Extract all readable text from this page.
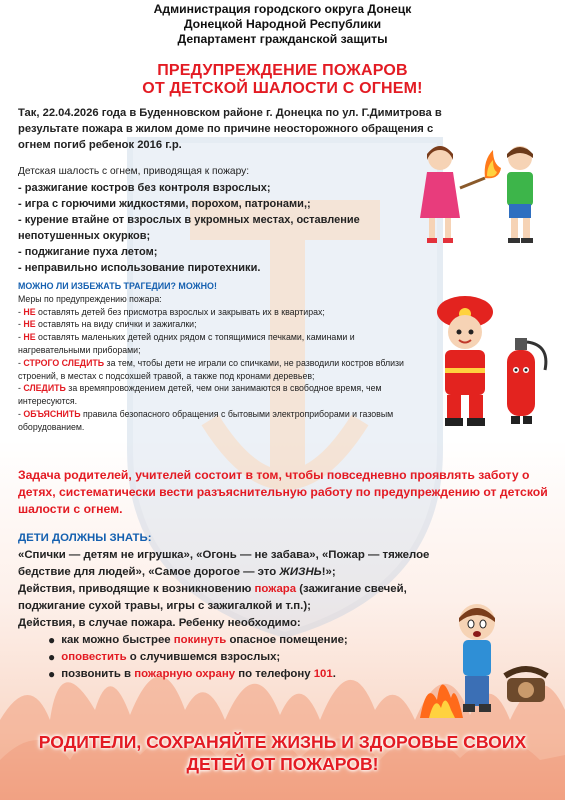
Администрация городского округа Донецк
Донецкой Народной Республики
Департамент гражданской защиты
ПРЕДУПРЕЖДЕНИЕ ПОЖАРОВ
ОТ ДЕТСКОЙ ШАЛОСТИ С ОГНЕМ!
Так, 22.04.2026 года в Буденновском районе г. Донецка по ул. Г.Димитрова в результате пожара в жилом доме по причине неосторожного обращения с огнем погиб ребенок 2016 г.р.
Детская шалость с огнем, приводящая к пожару:
- разжигание костров без контроля взрослых;
- игра с горючими жидкостями, порохом, патронами,;
- курение втайне от взрослых в укромных местах, оставление непотушенных окурков;
- поджигание пуха летом;
- неправильно использование пиротехники.
МОЖНО ЛИ ИЗБЕЖАТЬ ТРАГЕДИИ? МОЖНО!
Меры по предупреждению пожара:
- НЕ оставлять детей без присмотра взрослых и закрывать их в квартирах;
- НЕ оставлять на виду спички и зажигалки;
- НЕ оставлять маленьких детей одних рядом с топящимися печками, каминами и нагревательными приборами;
- СТРОГО СЛЕДИТЬ за тем, чтобы дети не играли со спичками, не разводили костров вблизи строений, в местах с подсохшей травой, а также под кронами деревьев;
- СЛЕДИТЬ за времяпровождением детей, чем они занимаются в свободное время, чем интересуются.
- ОБЪЯСНИТЬ правила безопасного обращения с бытовыми электроприборами и газовым оборудованием.
Задача родителей, учителей состоит в том, чтобы повседневно проявлять заботу о детях, систематически вести разъяснительную работу по предупреждению от детской шалости с огнем.
ДЕТИ ДОЛЖНЫ ЗНАТЬ:
«Спички — детям не игрушка», «Огонь — не забава», «Пожар — тяжелое бедствие для людей», «Самое дорогое — это ЖИЗНЬ!»;
Действия, приводящие к возникновению пожара (зажигание свечей, поджигание сухой травы, игры с зажигалкой и т.п.);
Действия, в случае пожара. Ребенку необходимо:
● как можно быстрее покинуть опасное помещение;
● оповестить о случившемся взрослых;
● позвонить в пожарную охрану по телефону 101.
РОДИТЕЛИ, СОХРАНЯЙТЕ ЖИЗНЬ И ЗДОРОВЬЕ СВОИХ
ДЕТЕЙ ОТ ПОЖАРОВ!
